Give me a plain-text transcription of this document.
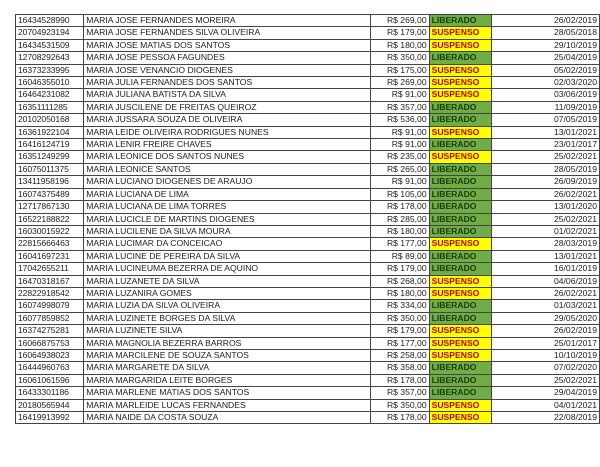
16434528990	MARIA JOSE FERNANDES MOREIRA	R$ 269,00	LIBERADO	26/02/2019
20704923194	MARIA JOSE FERNANDES SILVA OLIVEIRA	R$ 179,00	SUSPENSO	28/05/2018
16434531509	MARIA JOSE MATIAS DOS SANTOS	R$ 180,00	SUSPENSO	29/10/2019
12708292643	MARIA JOSE PESSOA FAGUNDES	R$ 350,00	LIBERADO	25/04/2019
16373233995	MARIA JOSE VENANCIO DIOGENES	R$ 175,00	SUSPENSO	05/02/2019
16046355010	MARIA JULIA FERNANDES DOS SANTOS	R$ 269,00	SUSPENSO	02/03/2020
16464231082	MARIA JULIANA BATISTA DA SILVA	R$ 91,00	SUSPENSO	03/06/2019
16351111285	MARIA JUSCILENE DE FREITAS QUEIROZ	R$ 357,00	LIBERADO	11/09/2019
20102050168	MARIA JUSSARA SOUZA DE OLIVEIRA	R$ 536,00	LIBERADO	07/05/2019
16361922104	MARIA LEIDE OLIVEIRA RODRIGUES NUNES	R$ 91,00	SUSPENSO	13/01/2021
16416124719	MARIA LENIR FREIRE CHAVES	R$ 91,00	LIBERADO	23/01/2017
16351249299	MARIA LEONICE DOS SANTOS NUNES	R$ 235,00	SUSPENSO	25/02/2021
16075011375	MARIA LEONICE SANTOS	R$ 265,00	LIBERADO	28/05/2019
13411958196	MARIA LUCIANO DIOGENES DE ARAUJO	R$ 91,00	LIBERADO	26/09/2019
16074375489	MARIA LUCIANA DE LIMA	R$ 105,00	LIBERADO	26/02/2021
12717867130	MARIA LUCIANA DE LIMA TORRES	R$ 178,00	LIBERADO	13/01/2020
16522188822	MARIA LUCICLE DE MARTINS DIOGENES	R$ 285,00	LIBERADO	25/02/2021
16030015922	MARIA LUCILENE DA SILVA MOURA	R$ 180,00	LIBERADO	01/02/2021
22815666463	MARIA LUCIMAR DA CONCEICAO	R$ 177,00	SUSPENSO	28/03/2019
16041697231	MARIA LUCINE DE PEREIRA DA SILVA	R$ 89,00	LIBERADO	13/01/2021
17042655211	MARIA LUCINEUMA BEZERRA DE AQUINO	R$ 179,00	LIBERADO	16/01/2019
16470318167	MARIA LUZANETE DA SILVA	R$ 268,00	SUSPENSO	04/06/2019
22822918542	MARIA LUZANIRA GOMES	R$ 180,00	SUSPENSO	26/02/2021
16074998079	MARIA LUZIA DA SILVA OLIVEIRA	R$ 334,00	LIBERADO	01/03/2021
16077859852	MARIA LUZINETE BORGES DA SILVA	R$ 350,00	LIBERADO	29/05/2020
16374275281	MARIA LUZINETE SILVA	R$ 179,00	SUSPENSO	26/02/2019
16066875753	MARIA MAGNOLIA BEZERRA BARROS	R$ 177,00	SUSPENSO	25/01/2017
16064938023	MARIA MARCILENE DE SOUZA SANTOS	R$ 258,00	SUSPENSO	10/10/2019
16444960763	MARIA MARGARETE DA SILVA	R$ 358,00	LIBERADO	07/02/2020
16061061596	MARIA MARGARIDA LEITE BORGES	R$ 178,00	LIBERADO	25/02/2021
16433301186	MARIA MARLENE MATIAS DOS SANTOS	R$ 357,00	LIBERADO	29/04/2019
20180565944	MARIA MARLEIDE LUCAS FERNANDES	R$ 350,00	SUSPENSO	04/01/2021
16419913992	MARIA NAIDE DA COSTA SOUZA	R$ 178,00	SUSPENSO	22/08/2019
